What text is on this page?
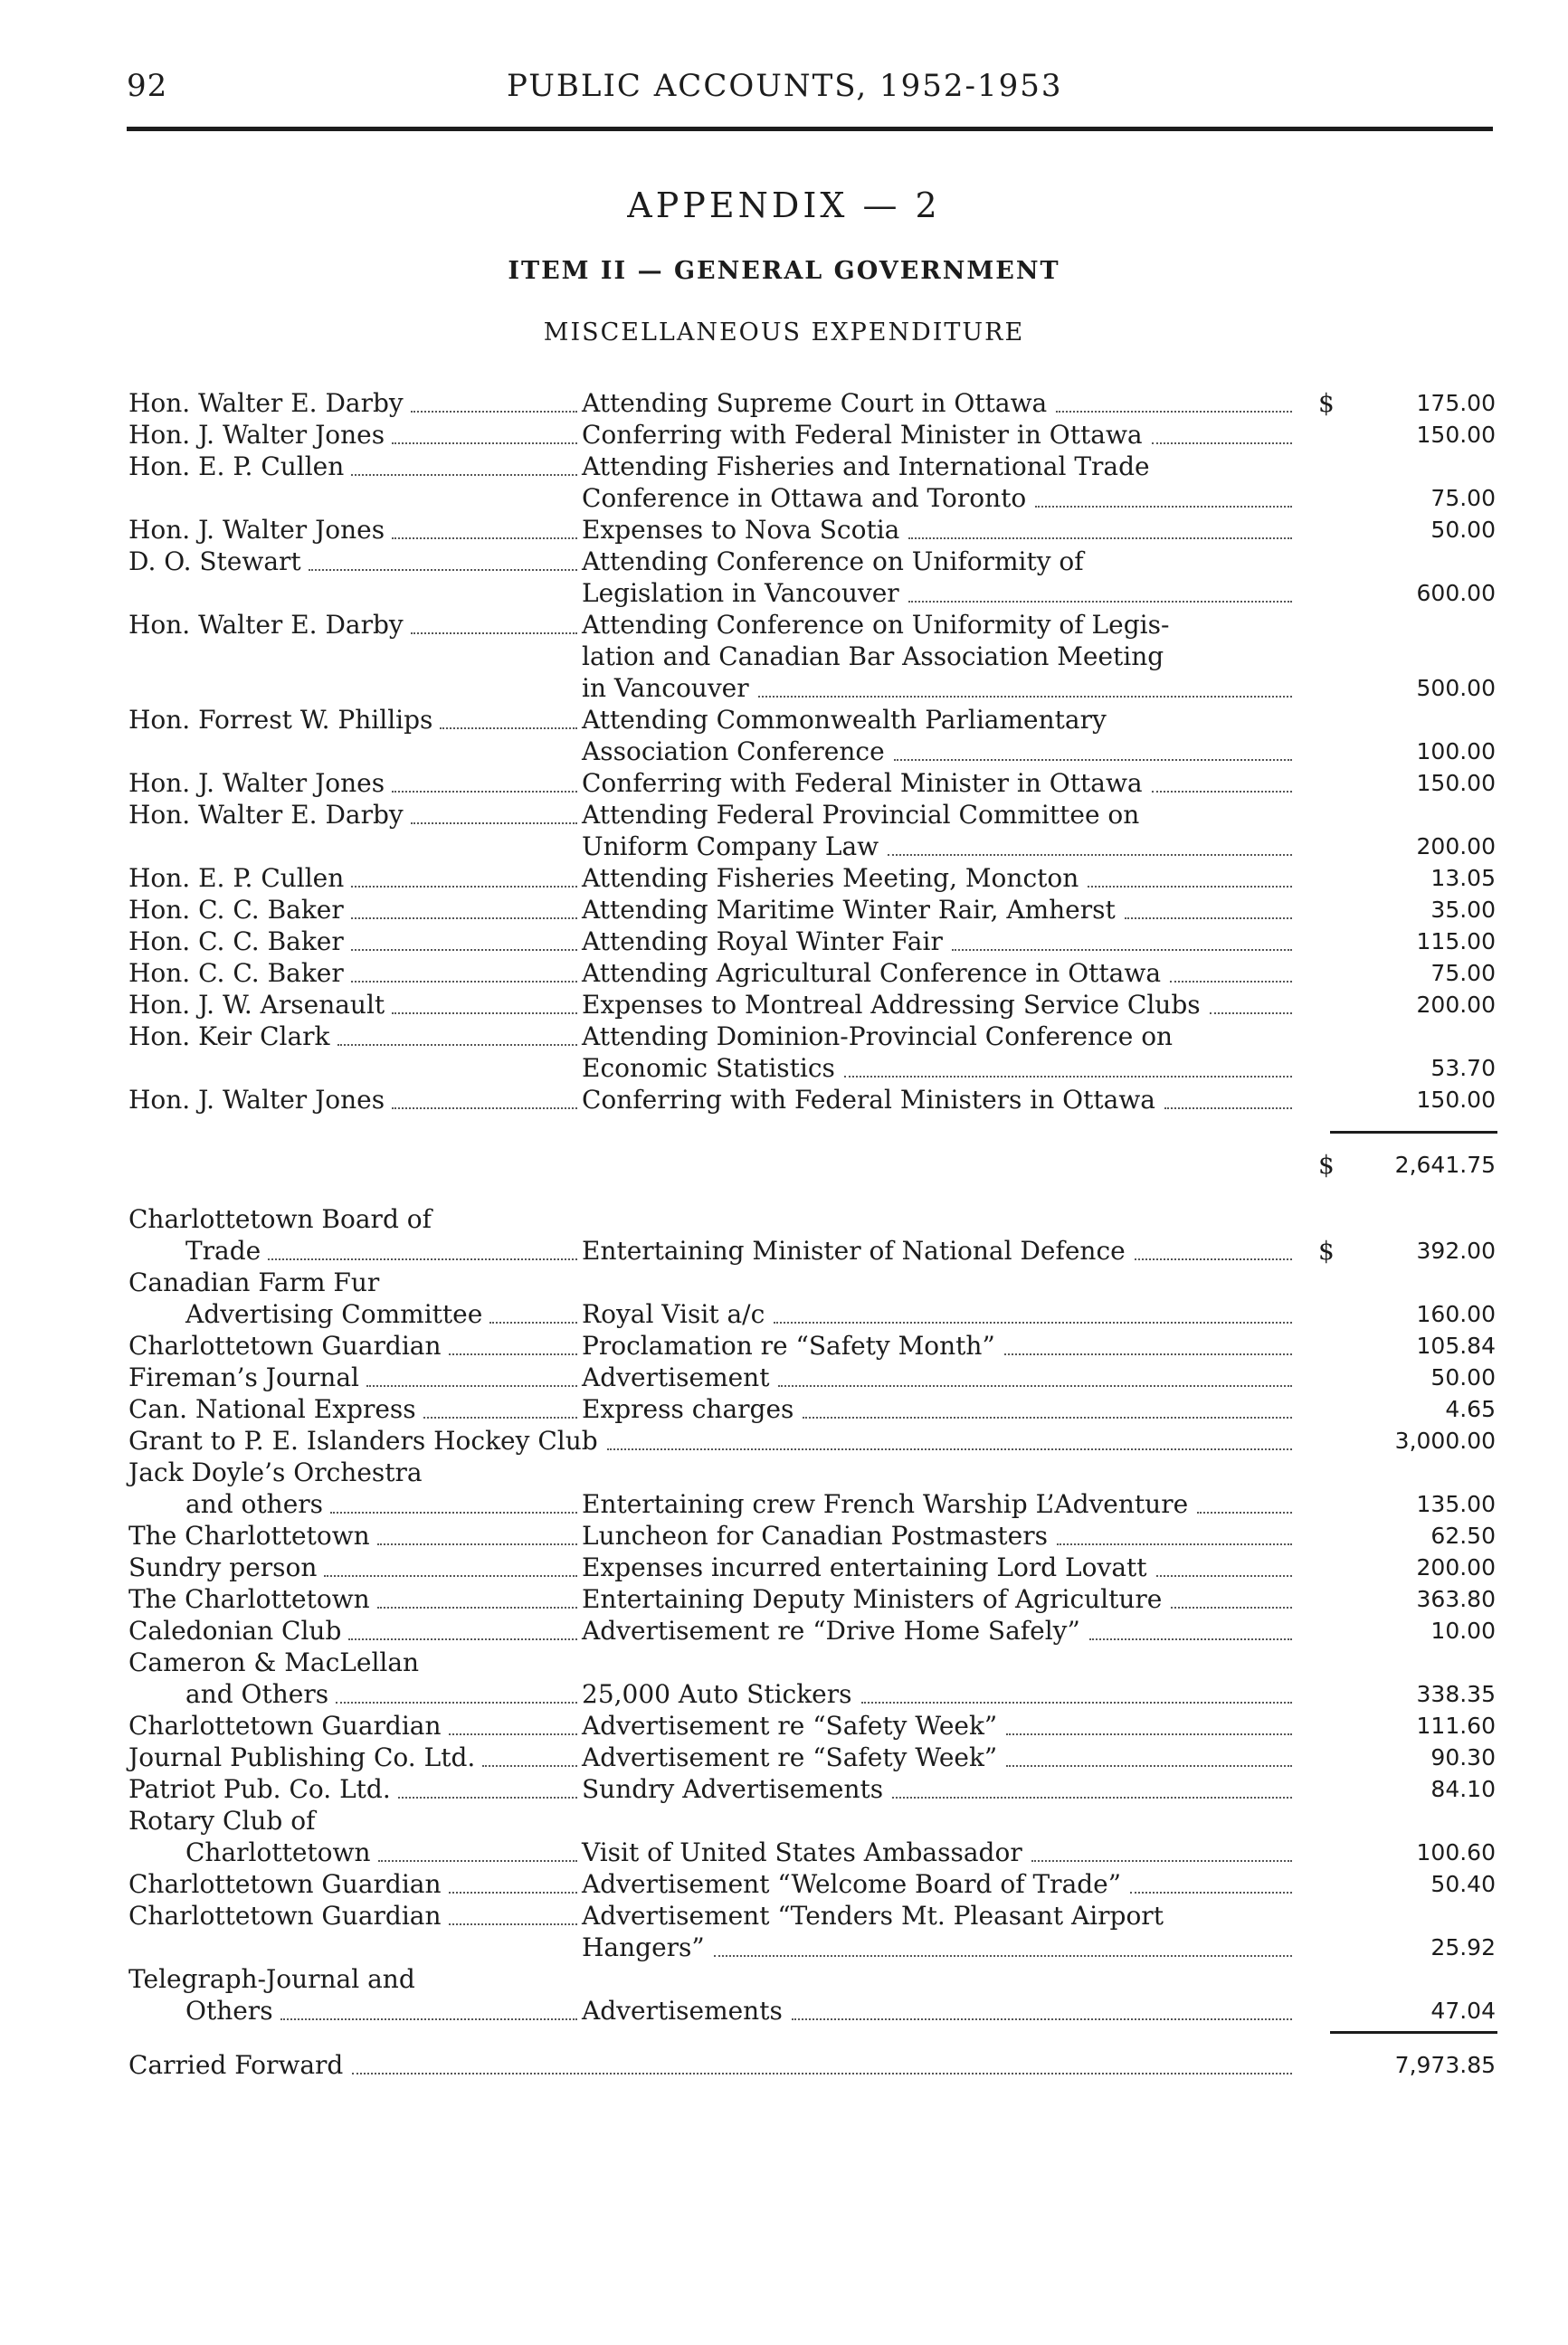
92	PUBLIC ACCOUNTS, 1952-1953
APPENDIX — 2
ITEM II — GENERAL GOVERNMENT
MISCELLANEOUS EXPENDITURE
Hon. Walter E. Darby	Attending Supreme Court in Ottawa	$	175.00
Hon. J. Walter Jones	Conferring with Federal Minister in Ottawa	150.00
Hon. E. P. Cullen	Attending Fisheries and International Trade
Conference in Ottawa and Toronto	75.00
Hon. J. Walter Jones	Expenses to Nova Scotia	50.00
D. O. Stewart	Attending Conference on Uniformity of
Legislation in Vancouver	600.00
Hon. Walter E. Darby	Attending Conference on Uniformity of Legis-
lation and Canadian Bar Association Meeting
in Vancouver	500.00
Hon. Forrest W. Phillips	Attending Commonwealth Parliamentary
Association Conference	100.00
Hon. J. Walter Jones	Conferring with Federal Minister in Ottawa	150.00
Hon. Walter E. Darby	Attending Federal Provincial Committee on
Uniform Company Law	200.00
Hon. E. P. Cullen	Attending Fisheries Meeting, Moncton	13.05
Hon. C. C. Baker	Attending Maritime Winter Rair, Amherst	35.00
Hon. C. C. Baker	Attending Royal Winter Fair	115.00
Hon. C. C. Baker	Attending Agricultural Conference in Ottawa	75.00
Hon. J. W. Arsenault	Expenses to Montreal Addressing Service Clubs	200.00
Hon. Keir Clark	Attending Dominion-Provincial Conference on
Economic Statistics	53.70
Hon. J. Walter Jones	Conferring with Federal Ministers in Ottawa	150.00
$	2,641.75
Charlottetown Board of
Trade	Entertaining Minister of National Defence	$	392.00
Canadian Farm Fur
Advertising Committee	Royal Visit a/c	160.00
Charlottetown Guardian	Proclamation re “Safety Month”	105.84
Fireman’s Journal	Advertisement	50.00
Can. National Express	Express charges	4.65
Grant to P. E. Islanders Hockey Club	3,000.00
Jack Doyle’s Orchestra
and others	Entertaining crew French Warship L’Adventure	135.00
The Charlottetown	Luncheon for Canadian Postmasters	62.50
Sundry person	Expenses incurred entertaining Lord Lovatt	200.00
The Charlottetown	Entertaining Deputy Ministers of Agriculture	363.80
Caledonian Club	Advertisement re “Drive Home Safely”	10.00
Cameron & MacLellan
and Others	25,000 Auto Stickers	338.35
Charlottetown Guardian	Advertisement re “Safety Week”	111.60
Journal Publishing Co. Ltd.	Advertisement re “Safety Week”	90.30
Patriot Pub. Co. Ltd.	Sundry Advertisements	84.10
Rotary Club of
Charlottetown	Visit of United States Ambassador	100.60
Charlottetown Guardian	Advertisement “Welcome Board of Trade”	50.40
Charlottetown Guardian	Advertisement “Tenders Mt. Pleasant Airport
Hangers”	25.92
Telegraph-Journal and
Others	Advertisements	47.04
Carried Forward	7,973.85
